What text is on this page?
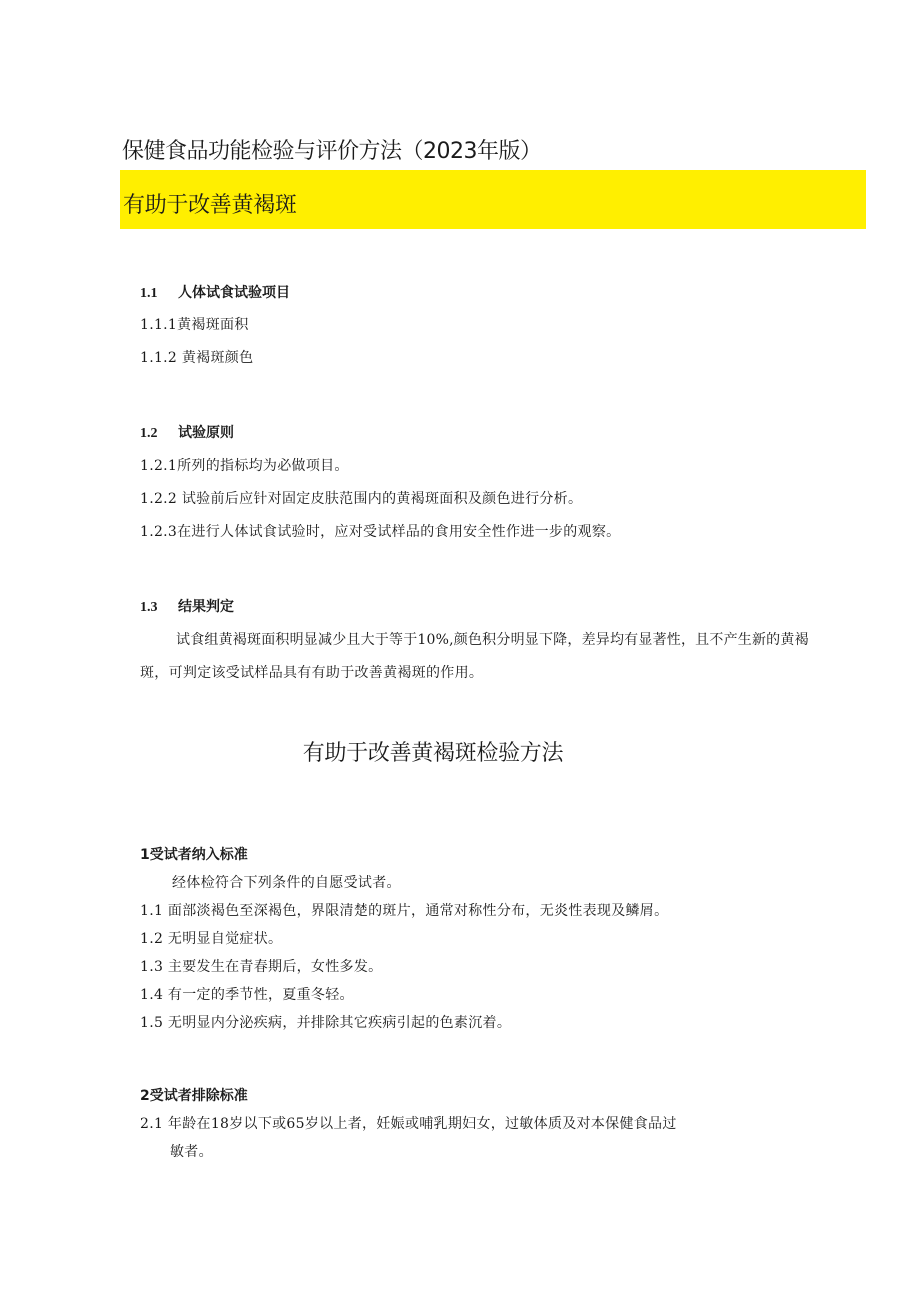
保健食品功能检验与评价方法（2023年版）
有助于改善黄褐斑
1.1 人体试食试验项目
1.1.1黄褐斑面积
1.1.2 黄褐斑颜色
1.2 试验原则
1.2.1所列的指标均为必做项目。
1.2.2 试验前后应针对固定皮肤范围内的黄褐斑面积及颜色进行分析。
1.2.3在进行人体试食试验时，应对受试样品的食用安全性作进一步的观察。
1.3 结果判定
试食组黄褐斑面积明显减少且大于等于10%,颜色积分明显下降，差异均有显著性，且不产生新的黄褐
斑，可判定该受试样品具有有助于改善黄褐斑的作用。
有助于改善黄褐斑检验方法
1受试者纳入标准
经体检符合下列条件的自愿受试者。
1.1 面部淡褐色至深褐色，界限清楚的斑片，通常对称性分布，无炎性表现及鳞屑。
1.2 无明显自觉症状。
1.3 主要发生在青春期后，女性多发。
1.4 有一定的季节性，夏重冬轻。
1.5 无明显内分泌疾病，并排除其它疾病引起的色素沉着。
2受试者排除标准
2.1 年龄在18岁以下或65岁以上者，妊娠或哺乳期妇女，过敏体质及对本保健食品过
敏者。
